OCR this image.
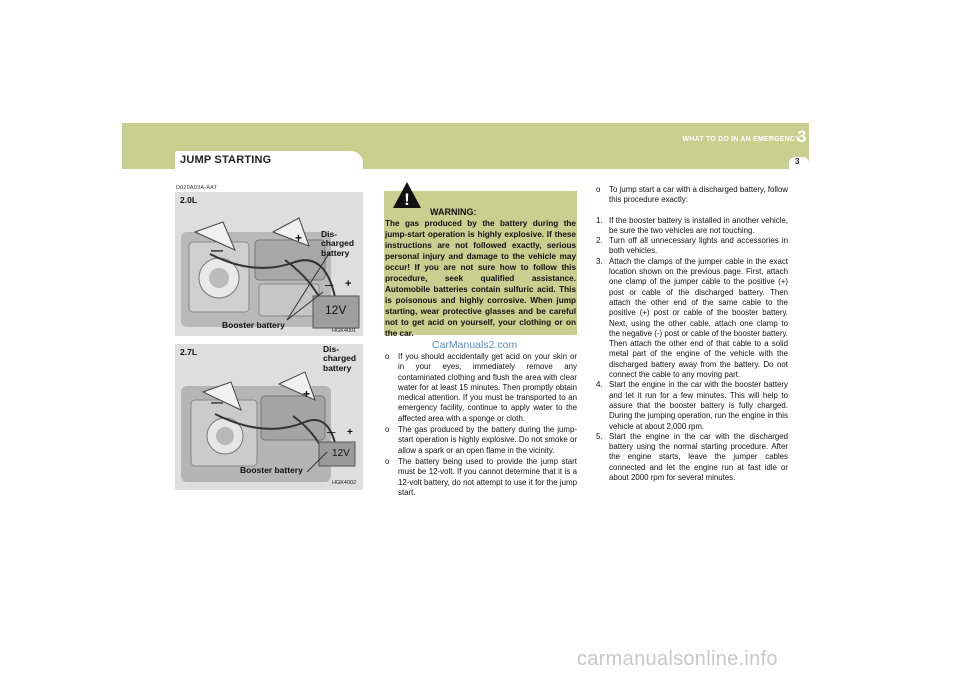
JUMP STARTING
WHAT TO DO IN AN EMERGENCY
3
3
D020A03A-AAT
2.0L
—
+ Dis-
charged
battery
— +
12V
Booster battery
HGK4001
2.7L	Dis-
charged
battery
—
+
— +
12V
Booster battery
HGK4002
!
WARNING:
The gas produced by the battery during the jump-start operation is highly explosive. If these instructions are not followed exactly, serious personal injury and damage to the vehicle may occur! If you are not sure how to follow this procedure, seek qualified assistance. Automobile batteries contain sulfuric acid. This is poisonous and highly corrosive. When jump starting, wear protective glasses and be careful not to get acid on yourself, your clothing or on the car.
CarManuals2.com
o If you should accidentally get acid on your skin or in your eyes, immediately remove any contaminated clothing and flush the area with clear water for at least 15 minutes. Then promptly obtain medical attention. If you must be transported to an emergency facility, continue to apply water to the affected area with a sponge or cloth.
o The gas produced by the battery during the jump-start operation is highly explosive. Do not smoke or allow a spark or an open flame in the vicinity.
o The battery being used to provide the jump start must be 12-volt. If you cannot determine that it is a 12-volt battery, do not attempt to use it for the jump start.
o To jump start a car with a discharged battery, follow this procedure exactly:
1. If the booster battery is installed in another vehicle, be sure the two vehicles are not touching.
2. Turn off all unnecessary lights and accessories in both vehicles.
3. Attach the clamps of the jumper cable in the exact location shown on the previous page. First, attach one clamp of the jumper cable to the positive (+) post or cable of the discharged battery. Then attach the other end of the same cable to the positive (+) post or cable of the booster battery. Next, using the other cable, attach one clamp to the negative (-) post or cable of the booster battery. Then attach the other end of that cable to a solid metal part of the engine of the vehicle with the discharged battery away from the battery. Do not connect the cable to any moving part.
4. Start the engine in the car with the booster battery and let it run for a few minutes. This will help to assure that the booster battery is fully charged. During the jumping operation, run the engine in this vehicle at about 2,000 rpm.
5. Start the engine in the car with the discharged battery using the normal starting procedure. After the engine starts, leave the jumper cables connected and let the engine run at fast idle or about 2000 rpm for several minutes.
carmanualsonline.info
